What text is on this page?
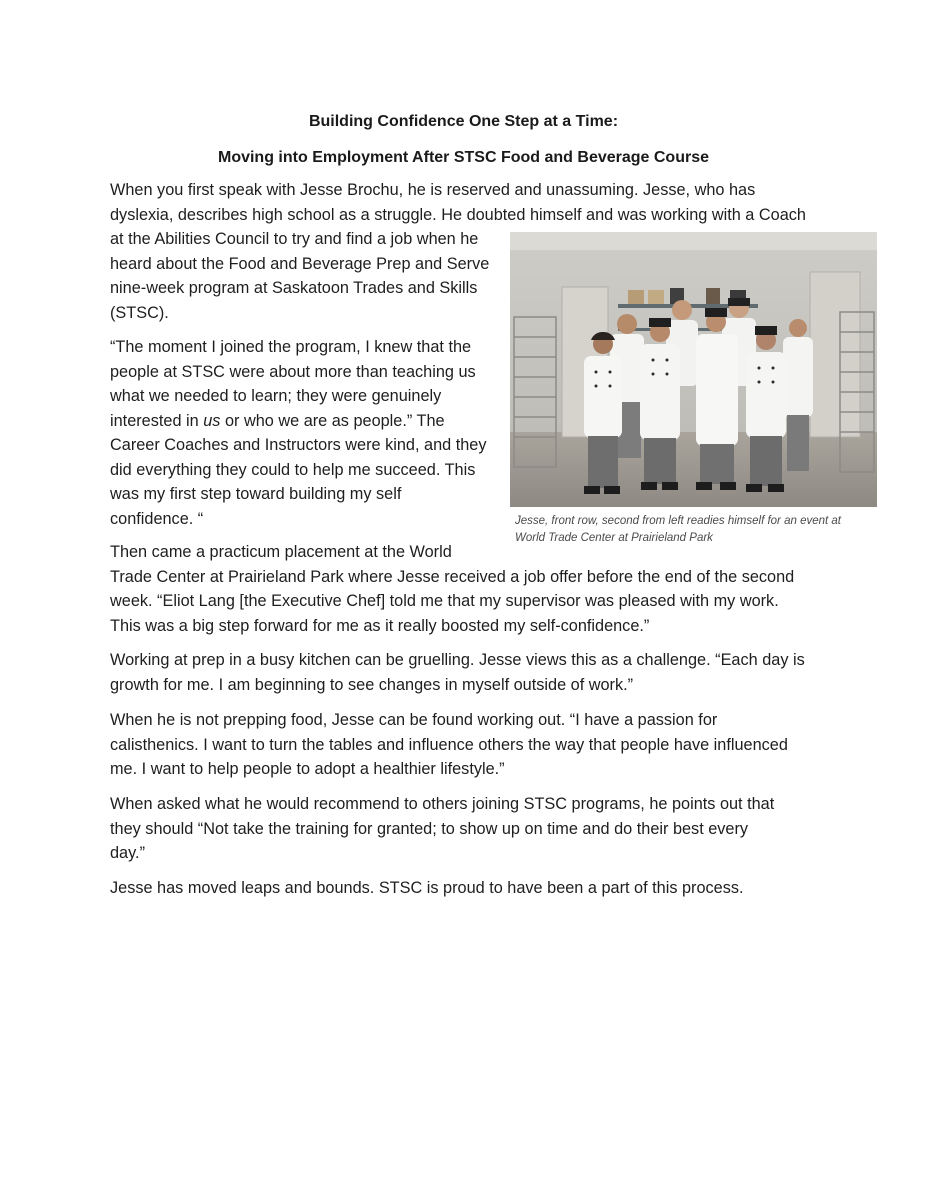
Building Confidence One Step at a Time:
Moving into Employment After STSC Food and Beverage Course

When you first speak with Jesse Brochu, he is reserved and unassuming. Jesse, who has
dyslexia, describes high school as a struggle. He doubted himself and was working with a Coach
at the Abilities Council to try and find a job when he
heard about the Food and Beverage Prep and Serve
nine-week program at Saskatoon Trades and Skills
(STSC).

“The moment I joined the program, I knew that the
people at STSC were about more than teaching us
what we needed to learn; they were genuinely
interested in us or who we are as people.” The
Career Coaches and Instructors were kind, and they
did everything they could to help me succeed. This
was my first step toward building my self
confidence. “

Then came a practicum placement at the World
Trade Center at Prairieland Park where Jesse received a job offer before the end of the second
week. “Eliot Lang [the Executive Chef] told me that my supervisor was pleased with my work.
This was a big step forward for me as it really boosted my self-confidence.”

Working at prep in a busy kitchen can be gruelling. Jesse views this as a challenge. “Each day is
growth for me. I am beginning to see changes in myself outside of work.”

When he is not prepping food, Jesse can be found working out. “I have a passion for
calisthenics. I want to turn the tables and influence others the way that people have influenced
me. I want to help people to adopt a healthier lifestyle.”

When asked what he would recommend to others joining STSC programs, he points out that
they should “Not take the training for granted; to show up on time and do their best every
day.”

Jesse has moved leaps and bounds. STSC is proud to have been a part of this process.

Jesse, front row, second from left readies himself for an event at
World Trade Center at Prairieland Park
